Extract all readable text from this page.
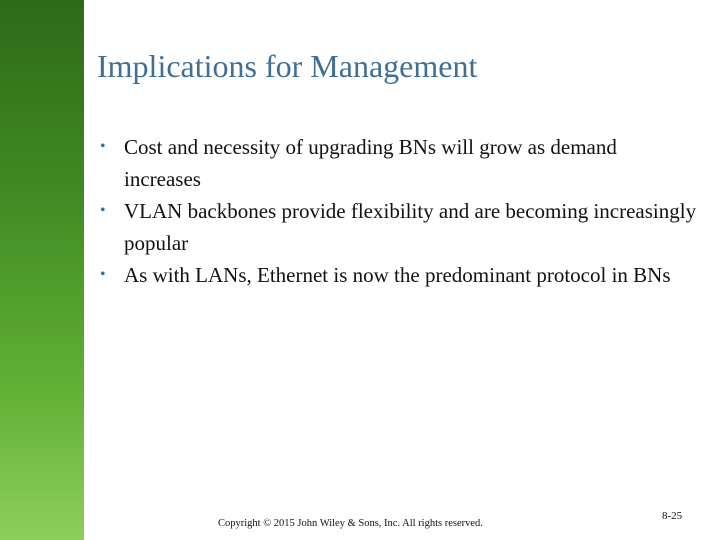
Implications for Management
• Cost and necessity of upgrading BNs will grow as demand increases
• VLAN backbones provide flexibility and are becoming increasingly popular
• As with LANs, Ethernet is now the predominant protocol in BNs
Copyright © 2015 John Wiley & Sons, Inc. All rights reserved.
8-25
